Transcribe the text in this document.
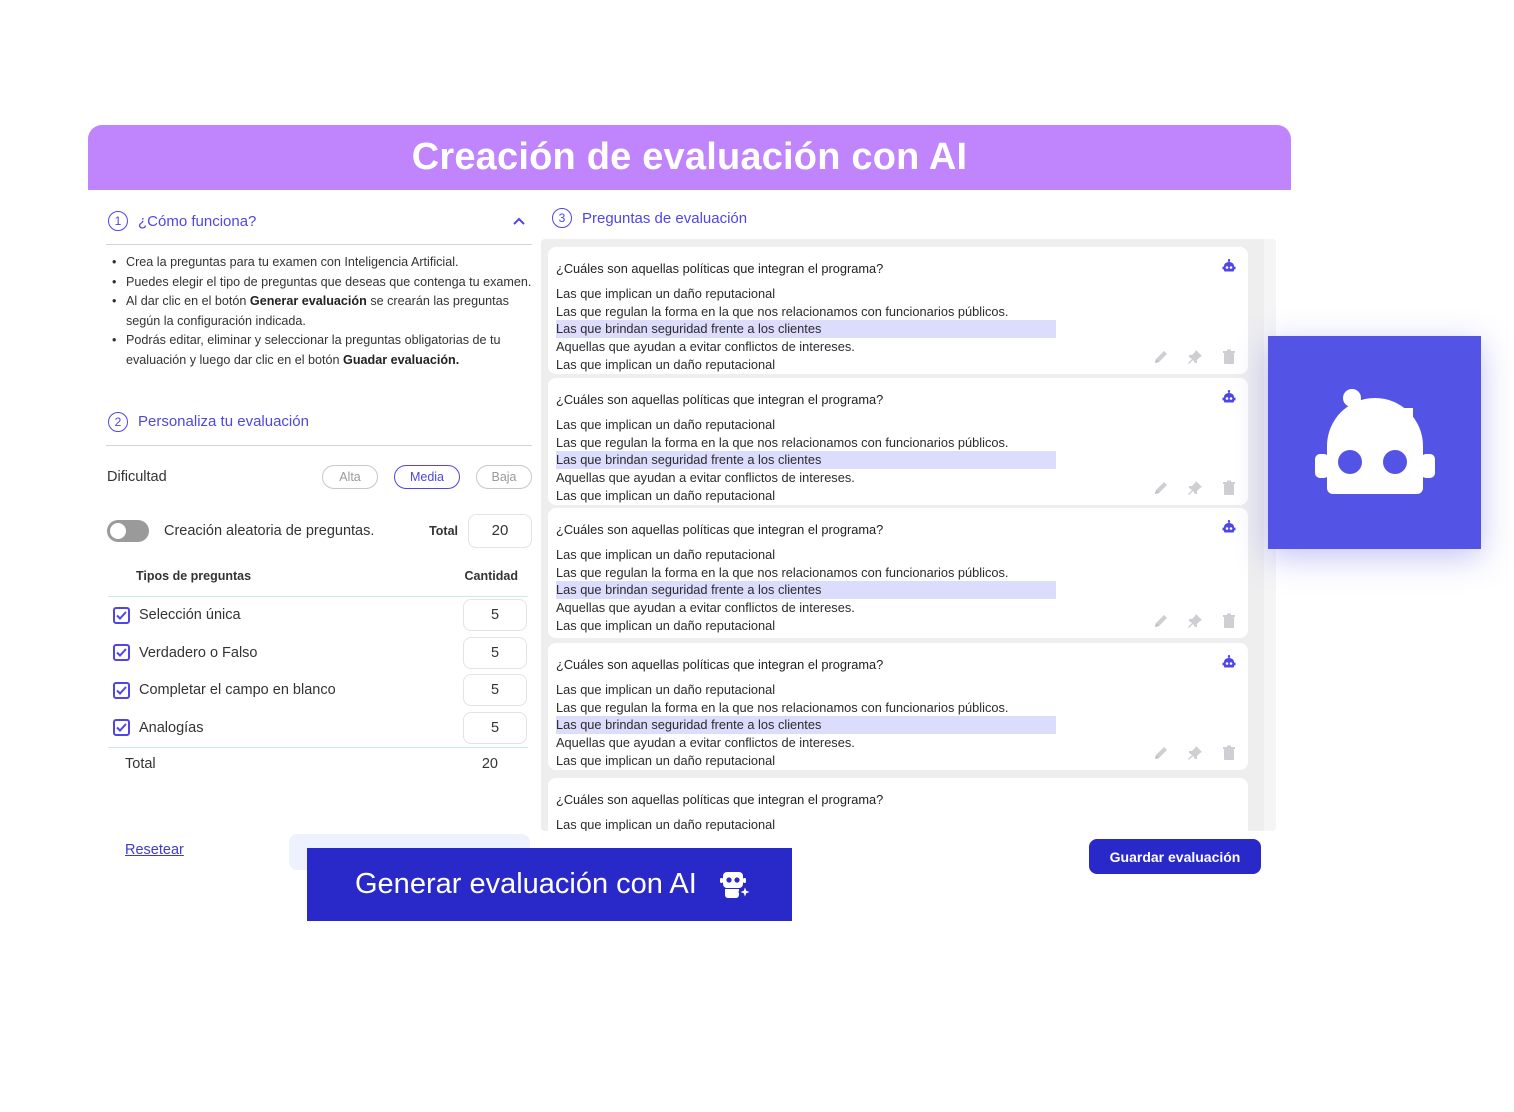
Creación de evaluación con AI
1	¿Cómo funciona?
• Crea la preguntas para tu examen con Inteligencia Artificial.
• Puedes elegir el tipo de preguntas que deseas que contenga tu examen.
• Al dar clic en el botón Generar evaluación se crearán las preguntas según la configuración indicada.
• Podrás editar, eliminar y seleccionar la preguntas obligatorias de tu evaluación y luego dar clic en el botón Guadar evaluación.
2	Personaliza tu evaluación
Dificultad	Alta	Media	Baja
Creación aleatoria de preguntas.	Total	20
Tipos de preguntas	Cantidad
Selección única	5
Verdadero o Falso	5
Completar el campo en blanco	5
Analogías	5
Total	20
3	Preguntas de evaluación
¿Cuáles son aquellas políticas que integran el programa?
Las que implican un daño reputacional
Las que regulan la forma en la que nos relacionamos con funcionarios públicos.
Las que brindan seguridad frente a los clientes
Aquellas que ayudan a evitar conflictos de intereses.
Las que implican un daño reputacional
¿Cuáles son aquellas políticas que integran el programa?
Las que implican un daño reputacional
Las que regulan la forma en la que nos relacionamos con funcionarios públicos.
Las que brindan seguridad frente a los clientes
Aquellas que ayudan a evitar conflictos de intereses.
Las que implican un daño reputacional
¿Cuáles son aquellas políticas que integran el programa?
Las que implican un daño reputacional
Las que regulan la forma en la que nos relacionamos con funcionarios públicos.
Las que brindan seguridad frente a los clientes
Aquellas que ayudan a evitar conflictos de intereses.
Las que implican un daño reputacional
¿Cuáles son aquellas políticas que integran el programa?
Las que implican un daño reputacional
Las que regulan la forma en la que nos relacionamos con funcionarios públicos.
Las que brindan seguridad frente a los clientes
Aquellas que ayudan a evitar conflictos de intereses.
Las que implican un daño reputacional
¿Cuáles son aquellas políticas que integran el programa?
Las que implican un daño reputacional
Resetear
Generar evaluación con AI
Guardar evaluación
